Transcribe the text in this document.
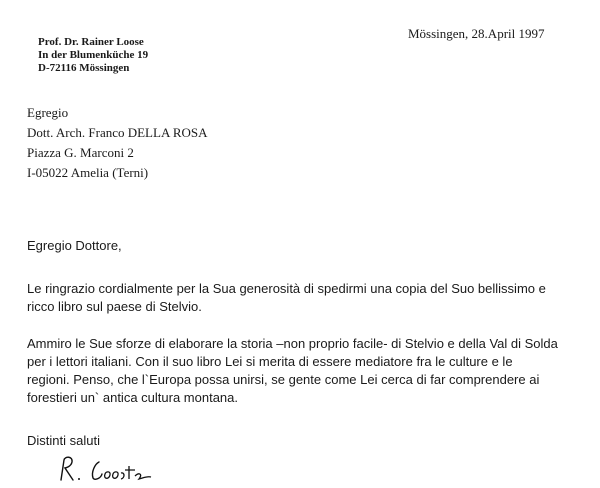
Mössingen, 28.April 1997
Prof. Dr. Rainer Loose
In der Blumenküche 19
D-72116 Mössingen
Egregio
Dott. Arch. Franco DELLA ROSA
Piazza G. Marconi 2
I-05022 Amelia (Terni)
Egregio Dottore,
Le ringrazio cordialmente per la Sua generosità di spedirmi una copia del Suo bellissimo e
ricco libro sul paese di Stelvio.
Ammiro le Sue sforze di elaborare la storia –non proprio facile- di Stelvio e della Val di Solda
per i lettori italiani. Con il suo libro Lei si merita di essere mediatore fra le culture e le
regioni. Penso, che l`Europa possa unirsi, se gente come Lei cerca di far comprendere ai
forestieri un` antica cultura montana.
Distinti saluti
